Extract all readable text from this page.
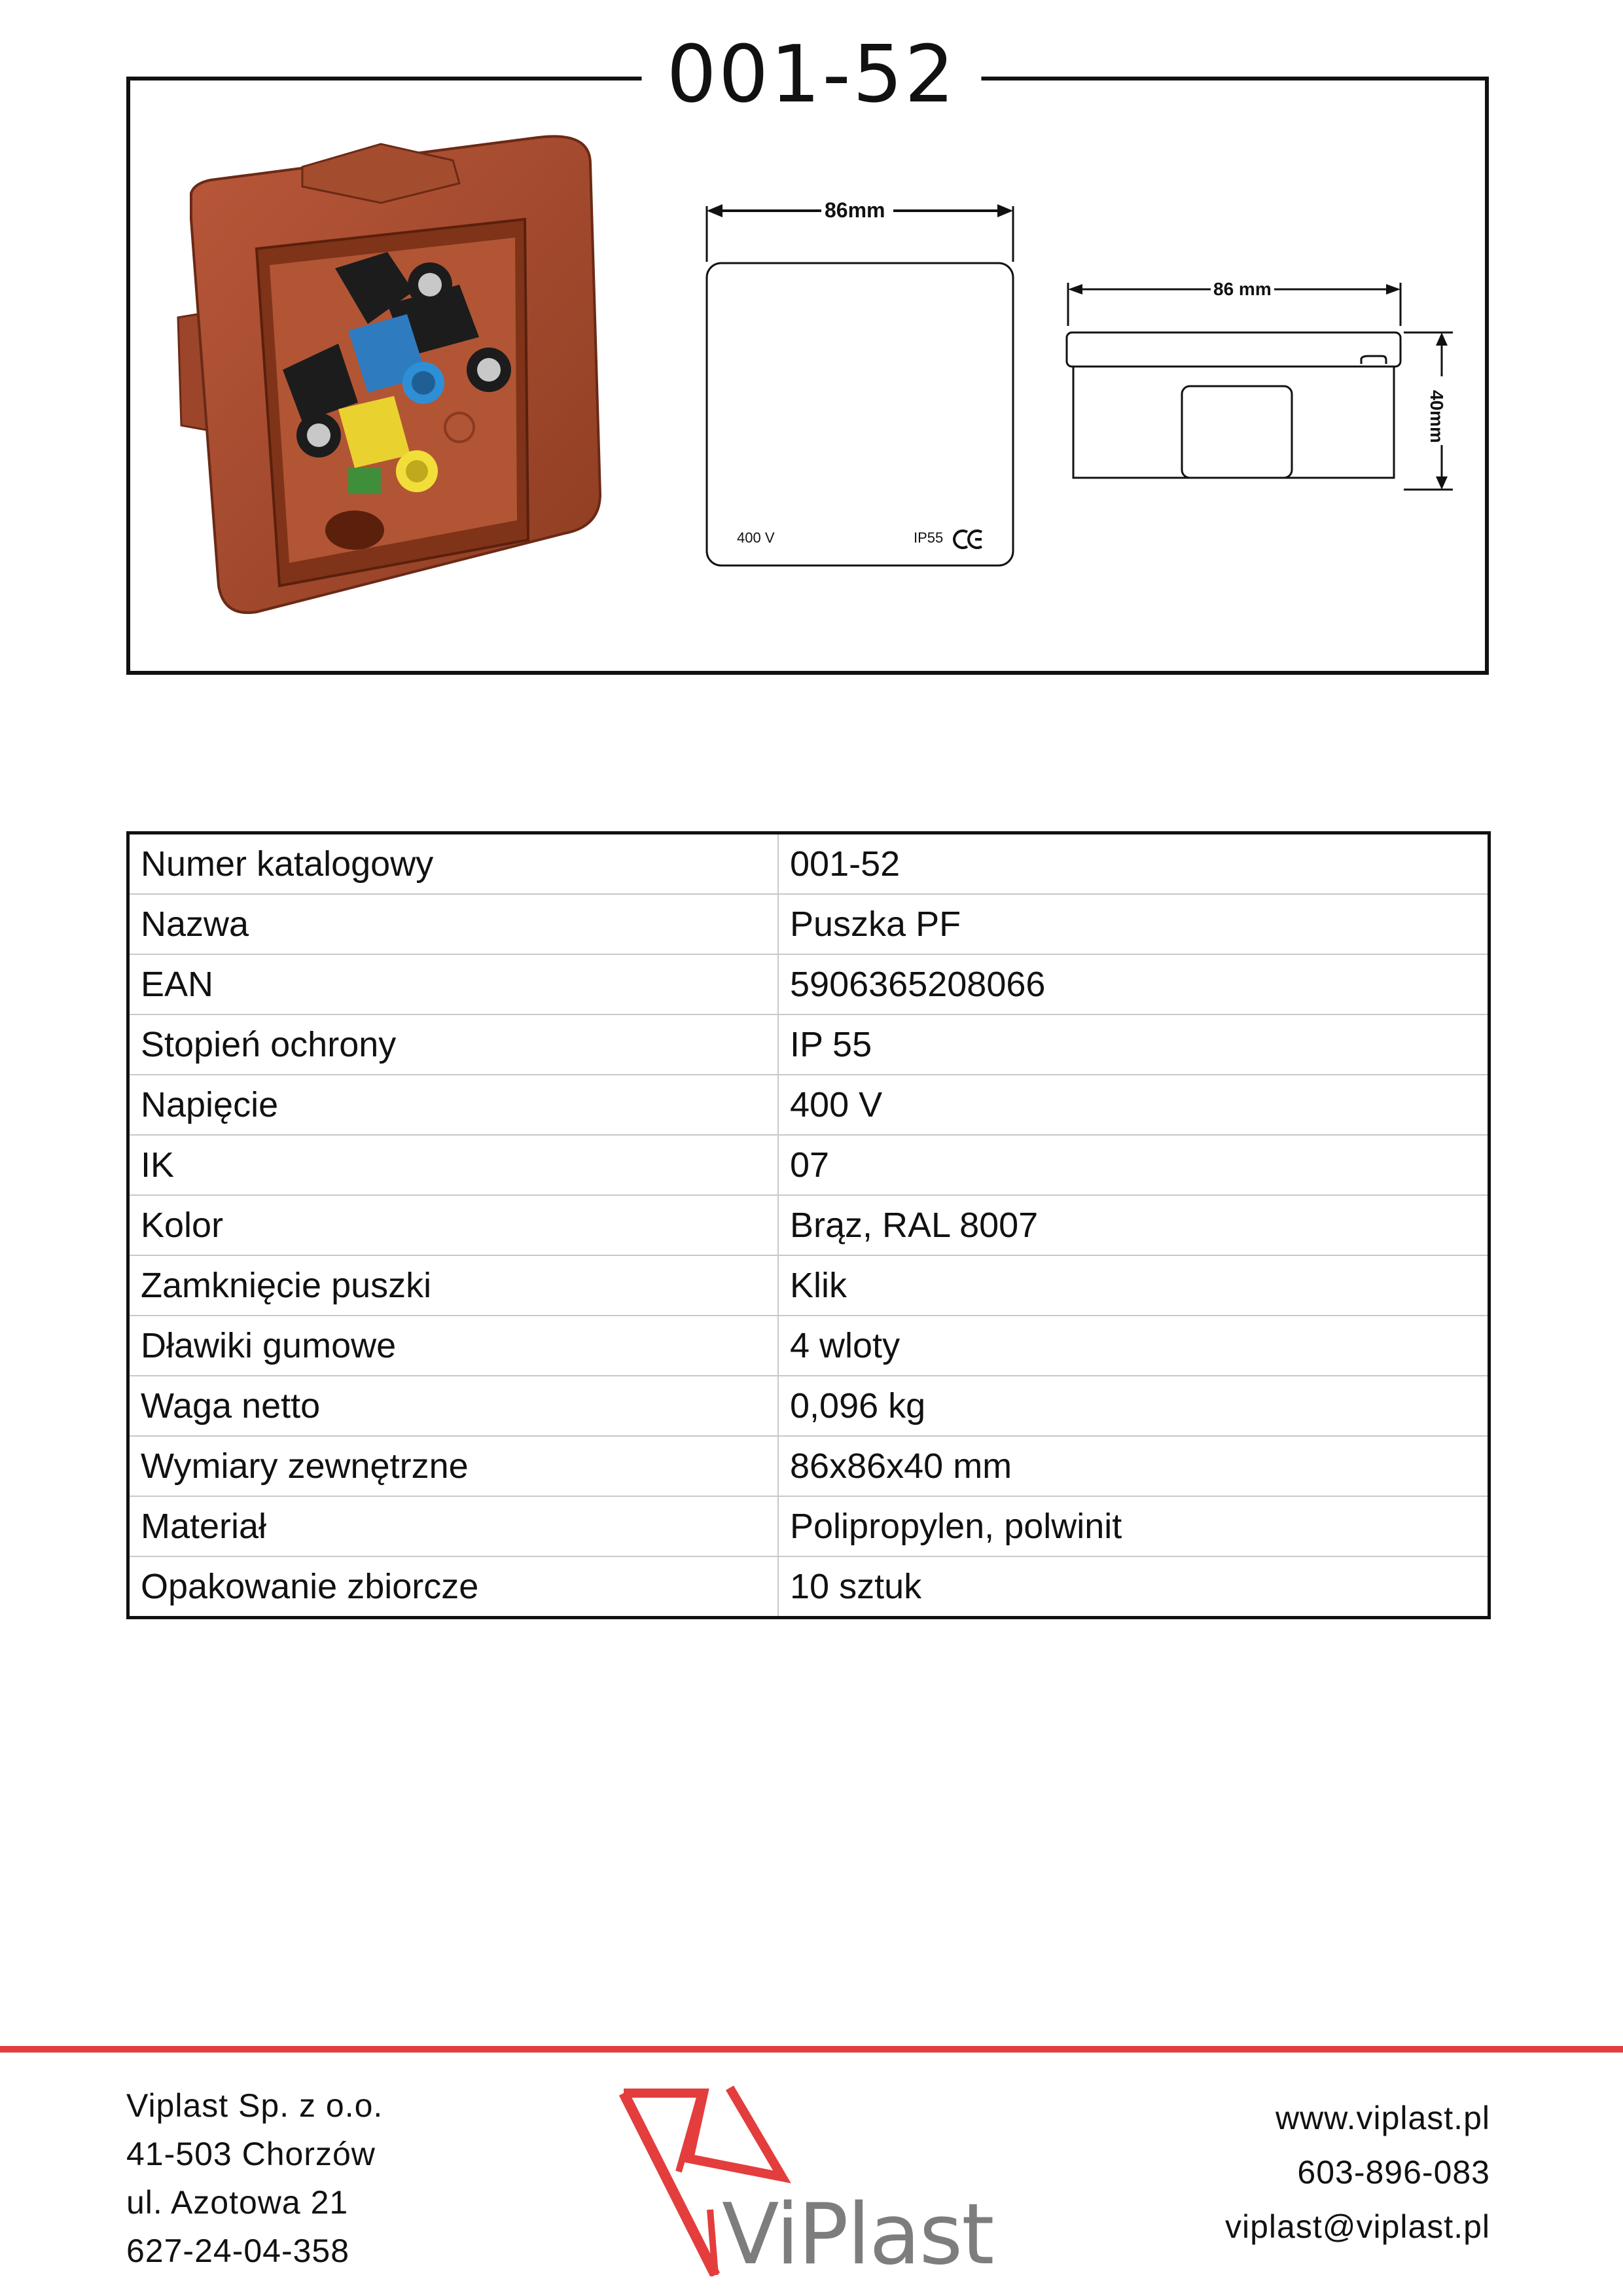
001-52
86mm
400 V	IP55
86 mm
40mm
Numer katalogowy	001-52
Nazwa	Puszka PF
EAN	5906365208066
Stopień ochrony	IP 55
Napięcie	400 V
IK	07
Kolor	Brąz, RAL 8007
Zamknięcie puszki	Klik
Dławiki gumowe	4 wloty
Waga netto	0,096 kg
Wymiary zewnętrzne	86x86x40 mm
Materiał	Polipropylen, polwinit
Opakowanie zbiorcze	10 sztuk
Viplast Sp. z o.o.
41-503 Chorzów
ul. Azotowa 21
627-24-04-358	ViPlast
www.viplast.pl
603-896-083
viplast@viplast.pl
